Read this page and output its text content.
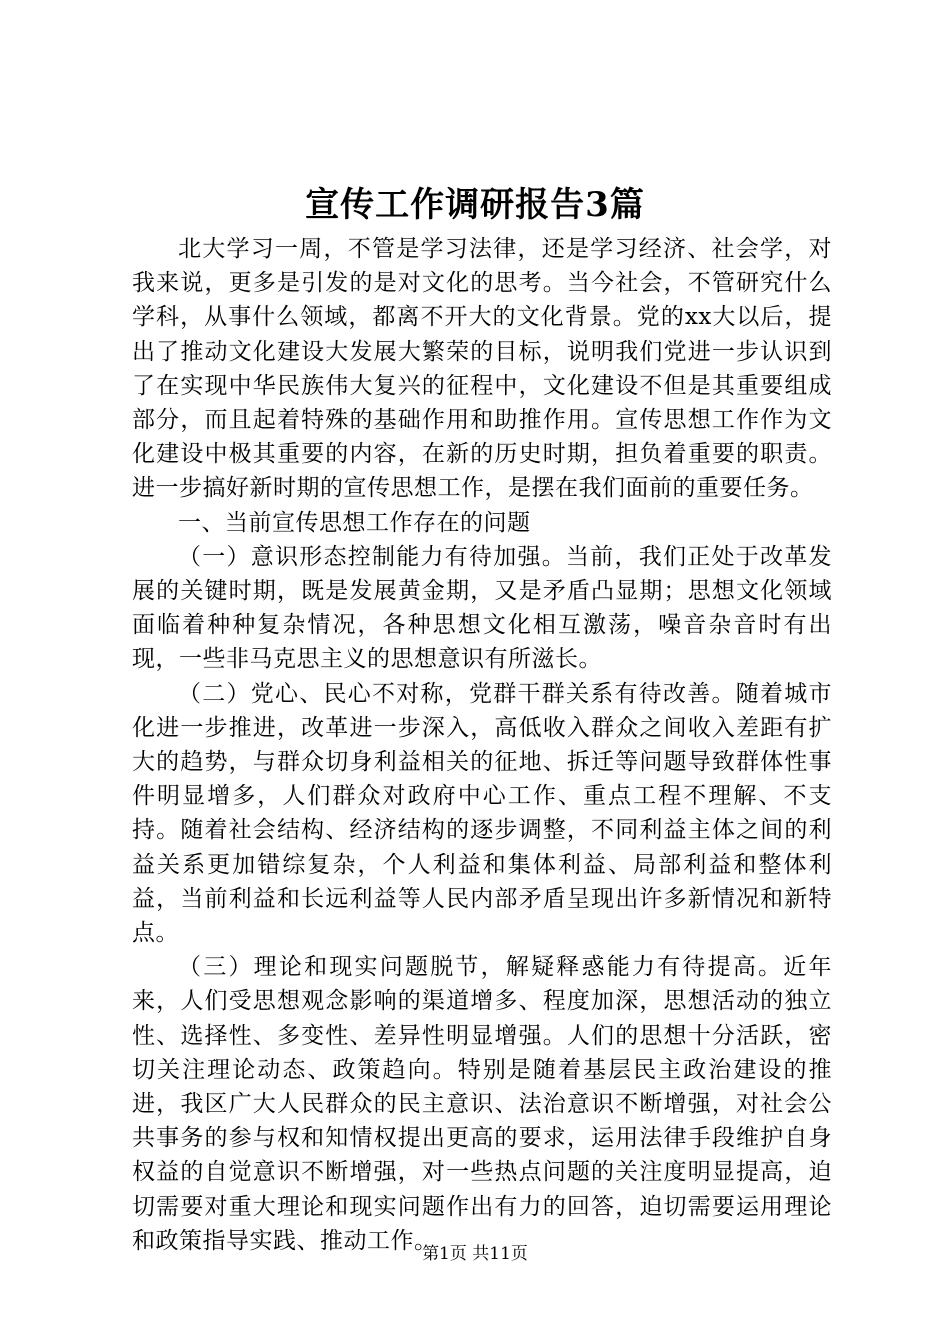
宣传工作调研报告3篇

北大学习一周，不管是学习法律，还是学习经济、社会学，对我来说，更多是引发的是对文化的思考。当今社会，不管研究什么学科，从事什么领域，都离不开大的文化背景。党的xx大以后，提出了推动文化建设大发展大繁荣的目标，说明我们党进一步认识到了在实现中华民族伟大复兴的征程中，文化建设不但是其重要组成部分，而且起着特殊的基础作用和助推作用。宣传思想工作作为文化建设中极其重要的内容，在新的历史时期，担负着重要的职责。进一步搞好新时期的宣传思想工作，是摆在我们面前的重要任务。

一、当前宣传思想工作存在的问题

（一）意识形态控制能力有待加强。当前，我们正处于改革发展的关键时期，既是发展黄金期，又是矛盾凸显期；思想文化领域面临着种种复杂情况，各种思想文化相互激荡，噪音杂音时有出现，一些非马克思主义的思想意识有所滋长。

（二）党心、民心不对称，党群干群关系有待改善。随着城市化进一步推进，改革进一步深入，高低收入群众之间收入差距有扩大的趋势，与群众切身利益相关的征地、拆迁等问题导致群体性事件明显增多，人们群众对政府中心工作、重点工程不理解、不支持。随着社会结构、经济结构的逐步调整，不同利益主体之间的利益关系更加错综复杂，个人利益和集体利益、局部利益和整体利益，当前利益和长远利益等人民内部矛盾呈现出许多新情况和新特点。

（三）理论和现实问题脱节，解疑释惑能力有待提高。近年来，人们受思想观念影响的渠道增多、程度加深，思想活动的独立性、选择性、多变性、差异性明显增强。人们的思想十分活跃，密切关注理论动态、政策趋向。特别是随着基层民主政治建设的推进，我区广大人民群众的民主意识、法治意识不断增强，对社会公共事务的参与权和知情权提出更高的要求，运用法律手段维护自身权益的自觉意识不断增强，对一些热点问题的关注度明显提高，迫切需要对重大理论和现实问题作出有力的回答，迫切需要运用理论和政策指导实践、推动工作。

第1页 共11页
